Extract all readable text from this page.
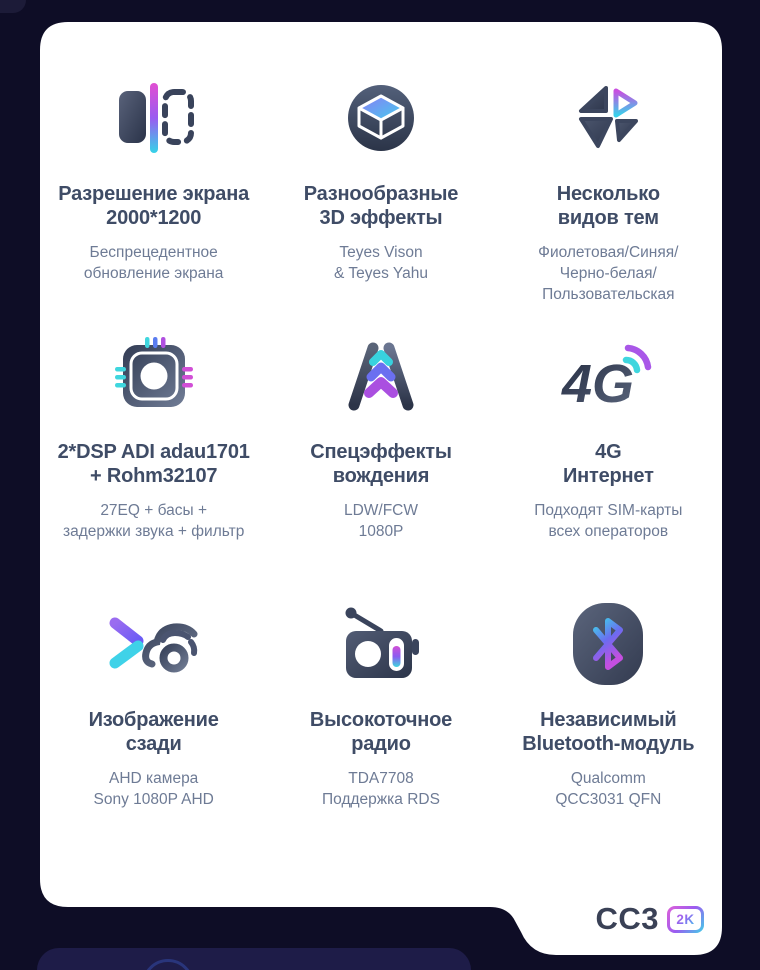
Разрешение экрана
2000*1200
Беспрецедентное
обновление экрана
Разнообразные
3D эффекты
Teyes Vison
& Teyes Yahu
Несколько
видов тем
Фиолетовая/Синяя/
Черно-белая/
Пользовательская
2*DSP ADI adau1701
+ Rohm32107
27EQ + басы +
задержки звука + фильтр
Спецэффекты
вождения
LDW/FCW
1080P
4G
4G
Интернет
Подходят SIM-карты
всех операторов
Изображение
сзади
AHD камера
Sony 1080P AHD
Высокоточное
радио
TDA7708
Поддержка RDS
Независимый
Bluetooth-модуль
Qualcomm
QCC3031 QFN
CC3 2K
